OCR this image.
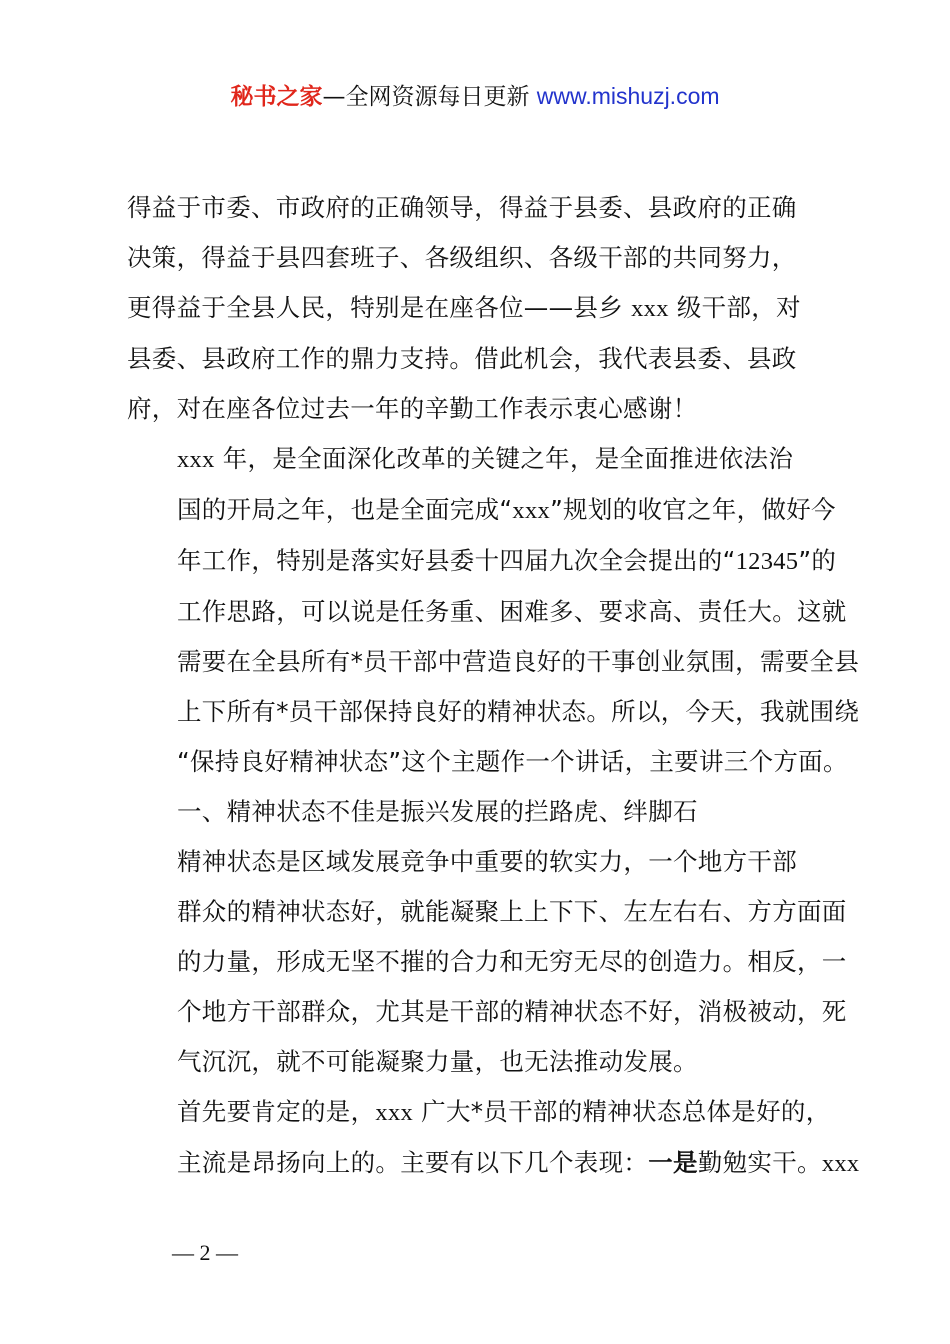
秘书之家—全网资源每日更新 www.mishuzj.com

得益于市委、市政府的正确领导，得益于县委、县政府的正确
决策，得益于县四套班子、各级组织、各级干部的共同努力，
更得益于全县人民，特别是在座各位——县乡 xxx 级干部，对
县委、县政府工作的鼎力支持。借此机会，我代表县委、县政
府，对在座各位过去一年的辛勤工作表示衷心感谢！

xxx 年，是全面深化改革的关键之年，是全面推进依法治
国的开局之年，也是全面完成“xxx”规划的收官之年，做好今
年工作，特别是落实好县委十四届九次全会提出的“12345”的
工作思路，可以说是任务重、困难多、要求高、责任大。这就
需要在全县所有*员干部中营造良好的干事创业氛围，需要全县
上下所有*员干部保持良好的精神状态。所以，今天，我就围绕
“保持良好精神状态”这个主题作一个讲话，主要讲三个方面。

一、精神状态不佳是振兴发展的拦路虎、绊脚石

精神状态是区域发展竞争中重要的软实力，一个地方干部
群众的精神状态好，就能凝聚上上下下、左左右右、方方面面
的力量，形成无坚不摧的合力和无穷无尽的创造力。相反，一
个地方干部群众，尤其是干部的精神状态不好，消极被动，死
气沉沉，就不可能凝聚力量，也无法推动发展。

首先要肯定的是，xxx 广大*员干部的精神状态总体是好的，
主流是昂扬向上的。主要有以下几个表现：一是勤勉实干。xxx

— 2 —
